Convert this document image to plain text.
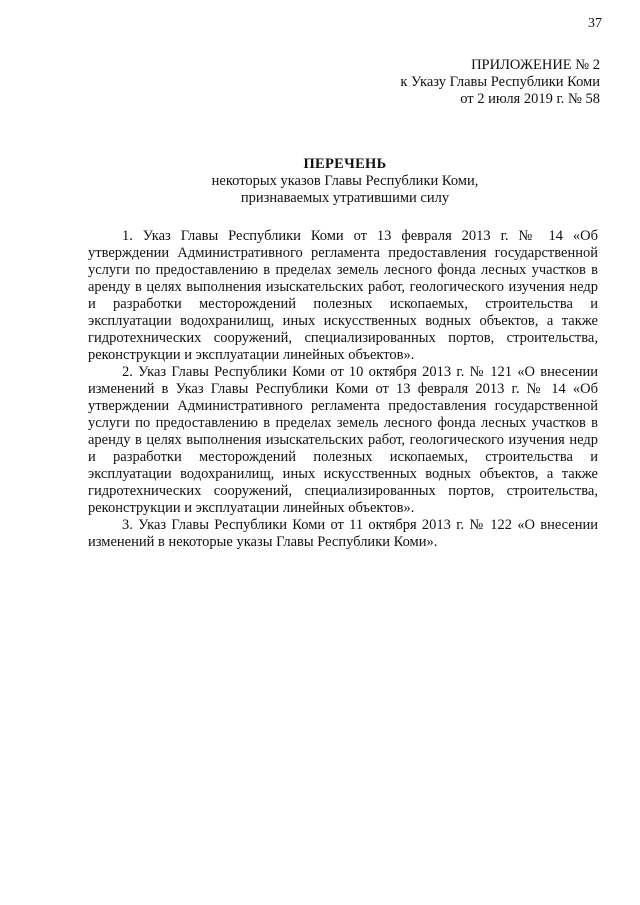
37
ПРИЛОЖЕНИЕ № 2
к Указу Главы Республики Коми
от 2 июля 2019 г. № 58
ПЕРЕЧЕНЬ
некоторых указов Главы Республики Коми,
признаваемых утратившими силу

1. Указ Главы Республики Коми от 13 февраля 2013 г. № 14 «Об утверждении Административного регламента предоставления государственной услуги по предоставлению в пределах земель лесного фонда лесных участков в аренду в целях выполнения изыскательских работ, геологического изучения недр и разработки месторождений полезных ископаемых, строительства и эксплуатации водохранилищ, иных искусственных водных объектов, а также гидротехнических сооружений, специализированных портов, строительства, реконструкции и эксплуатации линейных объектов».

2. Указ Главы Республики Коми от 10 октября 2013 г. № 121 «О внесении изменений в Указ Главы Республики Коми от 13 февраля 2013 г. № 14 «Об утверждении Административного регламента предоставления государственной услуги по предоставлению в пределах земель лесного фонда лесных участков в аренду в целях выполнения изыскательских работ, геологического изучения недр и разработки месторождений полезных ископаемых, строительства и эксплуатации водохранилищ, иных искусственных водных объектов, а также гидротехнических сооружений, специализированных портов, строительства, реконструкции и эксплуатации линейных объектов».

3. Указ Главы Республики Коми от 11 октября 2013 г. № 122 «О внесении изменений в некоторые указы Главы Республики Коми».
